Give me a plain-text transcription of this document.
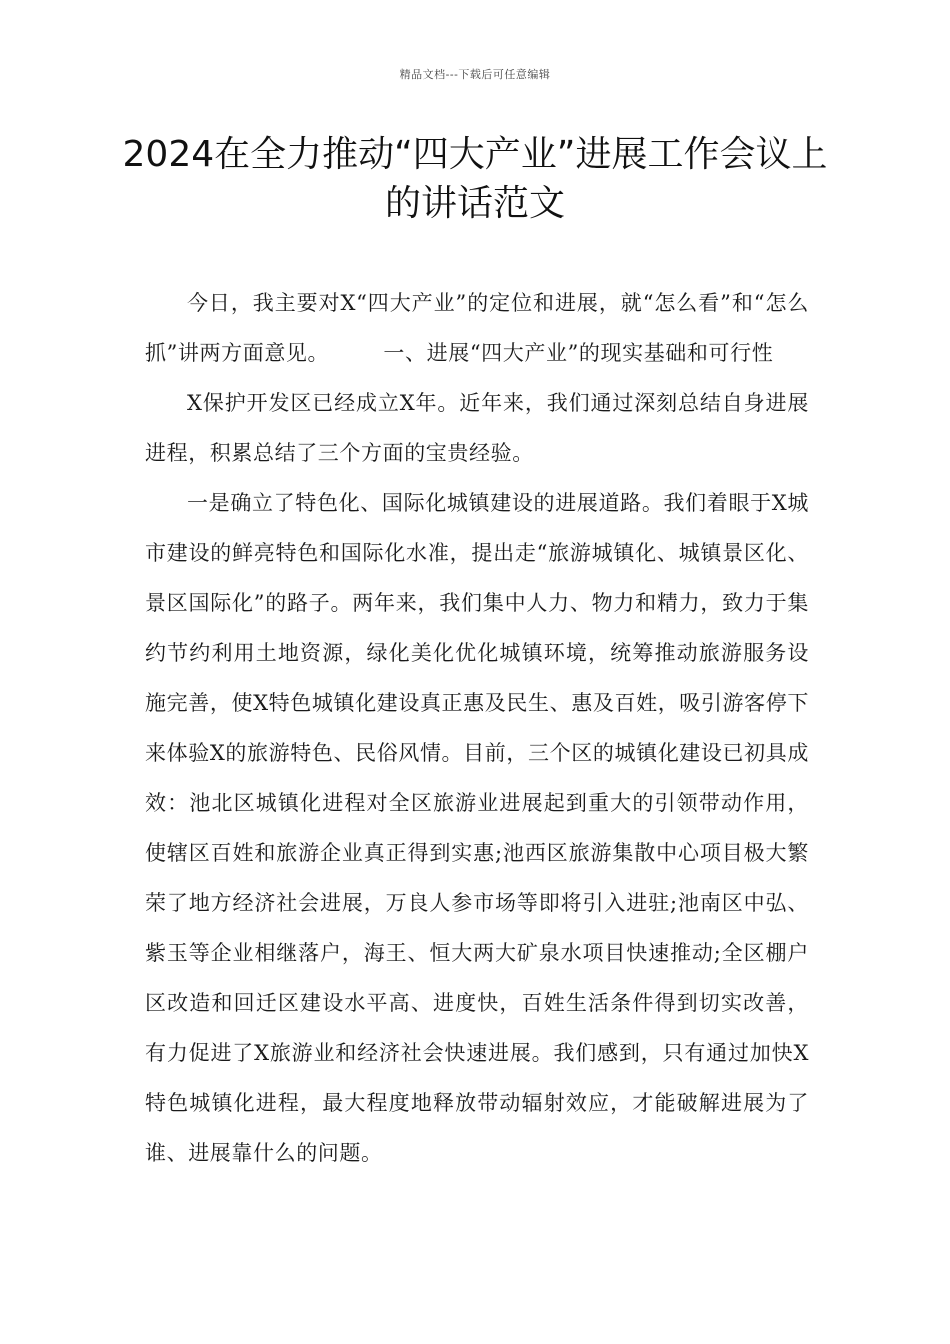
精品文档---下载后可任意编辑
2024在全力推动“四大产业”进展工作会议上的讲话范文

今日，我主要对X“四大产业”的定位和进展，就“怎么看”和“怎么抓”讲两方面意见。　　　一、进展“四大产业”的现实基础和可行性

X保护开发区已经成立X年。近年来，我们通过深刻总结自身进展进程，积累总结了三个方面的宝贵经验。

一是确立了特色化、国际化城镇建设的进展道路。我们着眼于X城市建设的鲜亮特色和国际化水准，提出走“旅游城镇化、城镇景区化、景区国际化”的路子。两年来，我们集中人力、物力和精力，致力于集约节约利用土地资源，绿化美化优化城镇环境，统筹推动旅游服务设施完善，使X特色城镇化建设真正惠及民生、惠及百姓，吸引游客停下来体验X的旅游特色、民俗风情。目前，三个区的城镇化建设已初具成效：池北区城镇化进程对全区旅游业进展起到重大的引领带动作用，使辖区百姓和旅游企业真正得到实惠;池西区旅游集散中心项目极大繁荣了地方经济社会进展，万良人参市场等即将引入进驻;池南区中弘、紫玉等企业相继落户，海王、恒大两大矿泉水项目快速推动;全区棚户区改造和回迁区建设水平高、进度快，百姓生活条件得到切实改善，有力促进了X旅游业和经济社会快速进展。我们感到，只有通过加快X特色城镇化进程，最大程度地释放带动辐射效应，才能破解进展为了谁、进展靠什么的问题。
